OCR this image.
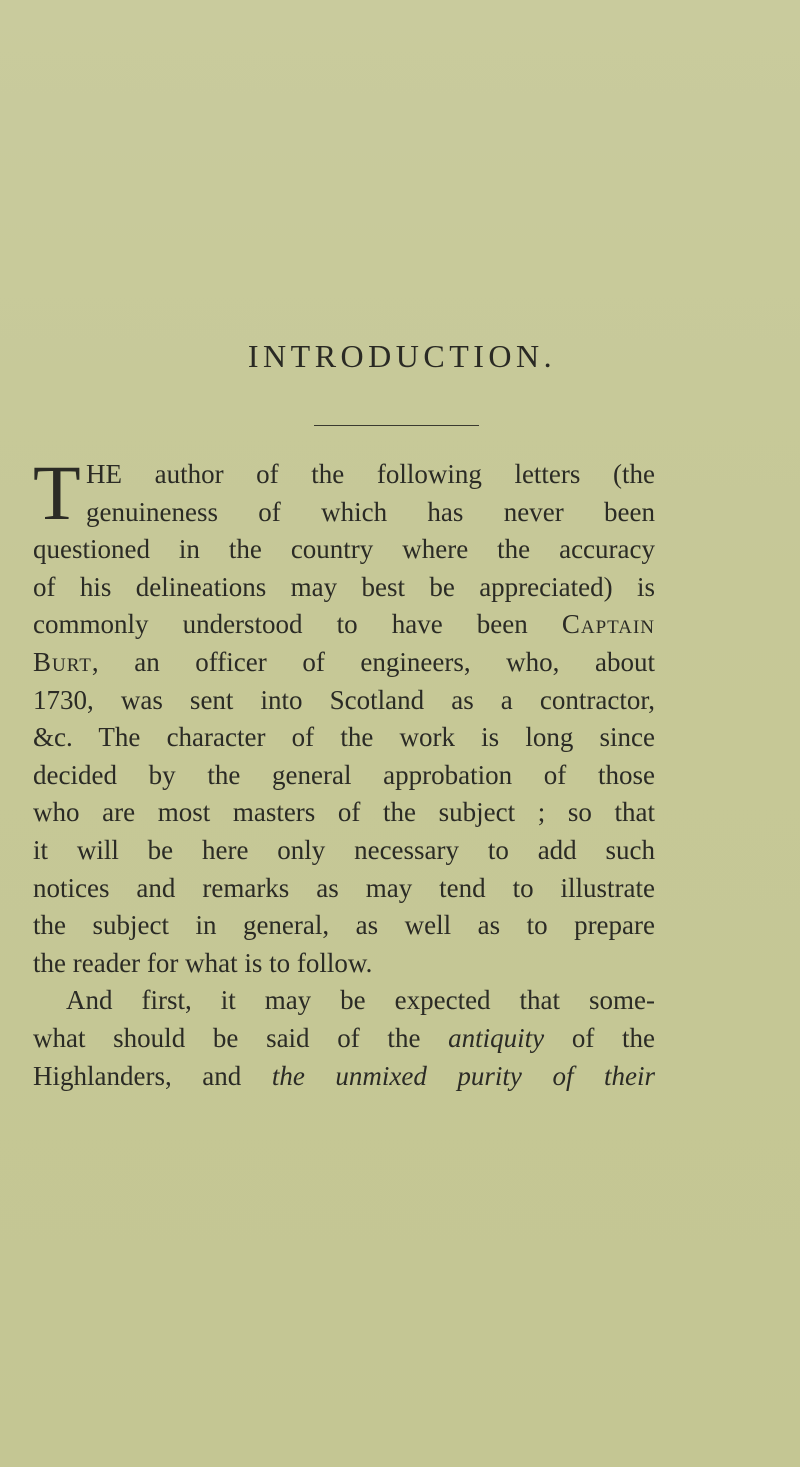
INTRODUCTION.
T HE author of the following letters (the
genuineness of which has never been
questioned in the country where the accuracy
of his delineations may best be appreciated) is
commonly understood to have been Captain
Burt, an officer of engineers, who, about
1730, was sent into Scotland as a contractor,
&c. The character of the work is long since
decided by the general approbation of those
who are most masters of the subject ; so that
it will be here only necessary to add such
notices and remarks as may tend to illustrate
the subject in general, as well as to prepare
the reader for what is to follow.
And first, it may be expected that some-
what should be said of the antiquity of the
Highlanders, and the unmixed purity of their
